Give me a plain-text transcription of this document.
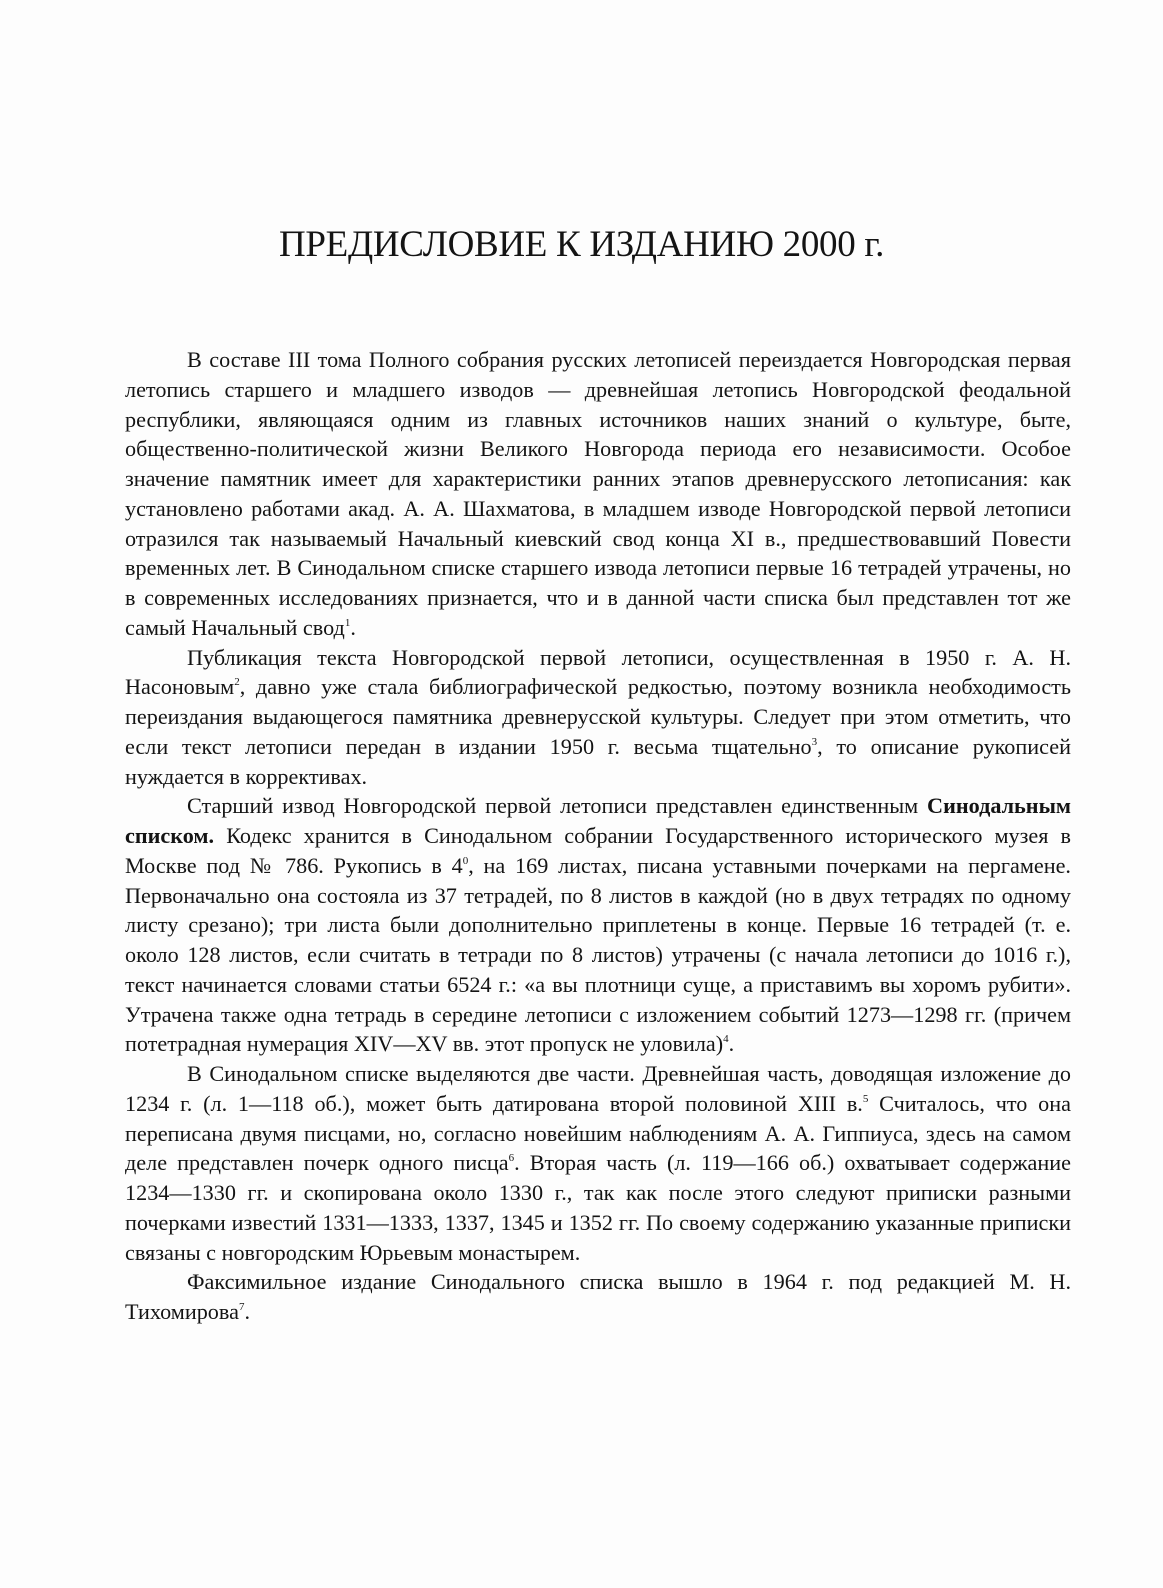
ПРЕДИСЛОВИЕ К ИЗДАНИЮ 2000 г.

В составе III тома Полного собрания русских летописей переиздается Новгородская первая летопись старшего и младшего изводов — древнейшая летопись Новгородской феодальной республики, являющаяся одним из главных источников наших знаний о культуре, быте, общественно-политической жизни Великого Новгорода периода его независимости. Особое значение памятник имеет для характеристики ранних этапов древнерусского летописания: как установлено работами акад. А. А. Шахматова, в младшем изводе Новгородской первой летописи отразился так называемый Начальный киевский свод конца XI в., предшествовавший Повести временных лет. В Синодальном списке старшего извода летописи первые 16 тетрадей утрачены, но в современных исследованиях признается, что и в данной части списка был представлен тот же самый Начальный свод$^1$.

Публикация текста Новгородской первой летописи, осуществленная в 1950 г. А. Н. Насоновым$^2$, давно уже стала библиографической редкостью, поэтому возникла необходимость переиздания выдающегося памятника древнерусской культуры. Следует при этом отметить, что если текст летописи передан в издании 1950 г. весьма тщательно$^3$, то описание рукописей нуждается в коррективах.

Старший извод Новгородской первой летописи представлен единственным Синодальным списком. Кодекс хранится в Синодальном собрании Государственного исторического музея в Москве под № 786. Рукопись в $4^0$, на 169 листах, писана уставными почерками на пергамене. Первоначально она состояла из 37 тетрадей, по 8 листов в каждой (но в двух тетрадях по одному листу срезано); три листа были дополнительно приплетены в конце. Первые 16 тетрадей (т. е. около 128 листов, если считать в тетради по 8 листов) утрачены (с начала летописи до 1016 г.), текст начинается словами статьи 6524 г.: «а вы плотници суще, а приставимъ вы хоромъ рубити». Утрачена также одна тетрадь в середине летописи с изложением событий 1273—1298 гг. (причем потетрадная нумерация XIV—XV вв. этот пропуск не уловила)$^4$.

В Синодальном списке выделяются две части. Древнейшая часть, доводящая изложение до 1234 г. (л. 1—118 об.), может быть датирована второй половиной XIII в.$^5$ Считалось, что она переписана двумя писцами, но, согласно новейшим наблюдениям А. А. Гиппиуса, здесь на самом деле представлен почерк одного писца$^6$. Вторая часть (л. 119—166 об.) охватывает содержание 1234—1330 гг. и скопирована около 1330 г., так как после этого следуют приписки разными почерками известий 1331—1333, 1337, 1345 и 1352 гг. По своему содержанию указанные приписки связаны с новгородским Юрьевым монастырем.

Факсимильное издание Синодального списка вышло в 1964 г. под редакцией М. Н. Тихомирова$^7$.
